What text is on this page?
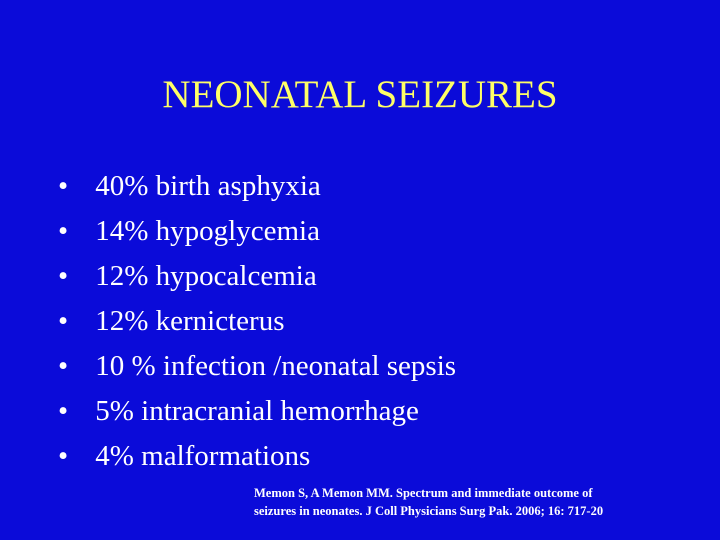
NEONATAL SEIZURES
• 40% birth asphyxia
• 14% hypoglycemia
• 12% hypocalcemia
• 12% kernicterus
• 10 % infection /neonatal sepsis
• 5% intracranial hemorrhage
• 4% malformations
Memon S, A Memon MM. Spectrum and immediate outcome of
seizures in neonates. J Coll Physicians Surg Pak. 2006; 16: 717-20
